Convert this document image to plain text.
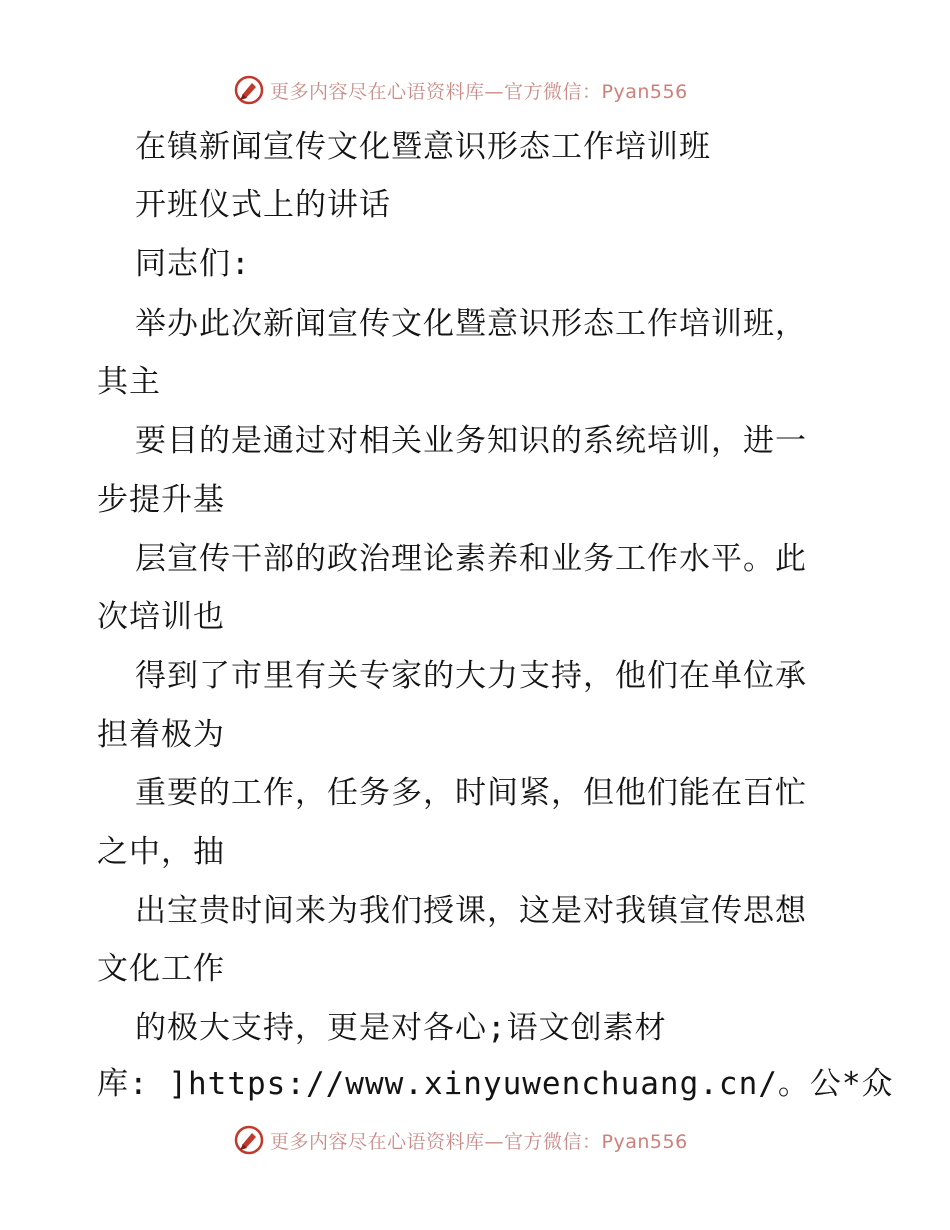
更多内容尽在心语资料库—官方微信：Pyan556
在镇新闻宣传文化暨意识形态工作培训班
开班仪式上的讲话
同志们:
举办此次新闻宣传文化暨意识形态工作培训班，
其主
要目的是通过对相关业务知识的系统培训，进一
步提升基
层宣传干部的政治理论素养和业务工作水平。此
次培训也
得到了市里有关专家的大力支持，他们在单位承
担着极为
重要的工作，任务多，时间紧，但他们能在百忙
之中，抽
出宝贵时间来为我们授课，这是对我镇宣传思想
文化工作
的极大支持，更是对各心;语文创素材
库: ]https://www.xinyuwenchuang.cn/。公*众
更多内容尽在心语资料库—官方微信：Pyan556
